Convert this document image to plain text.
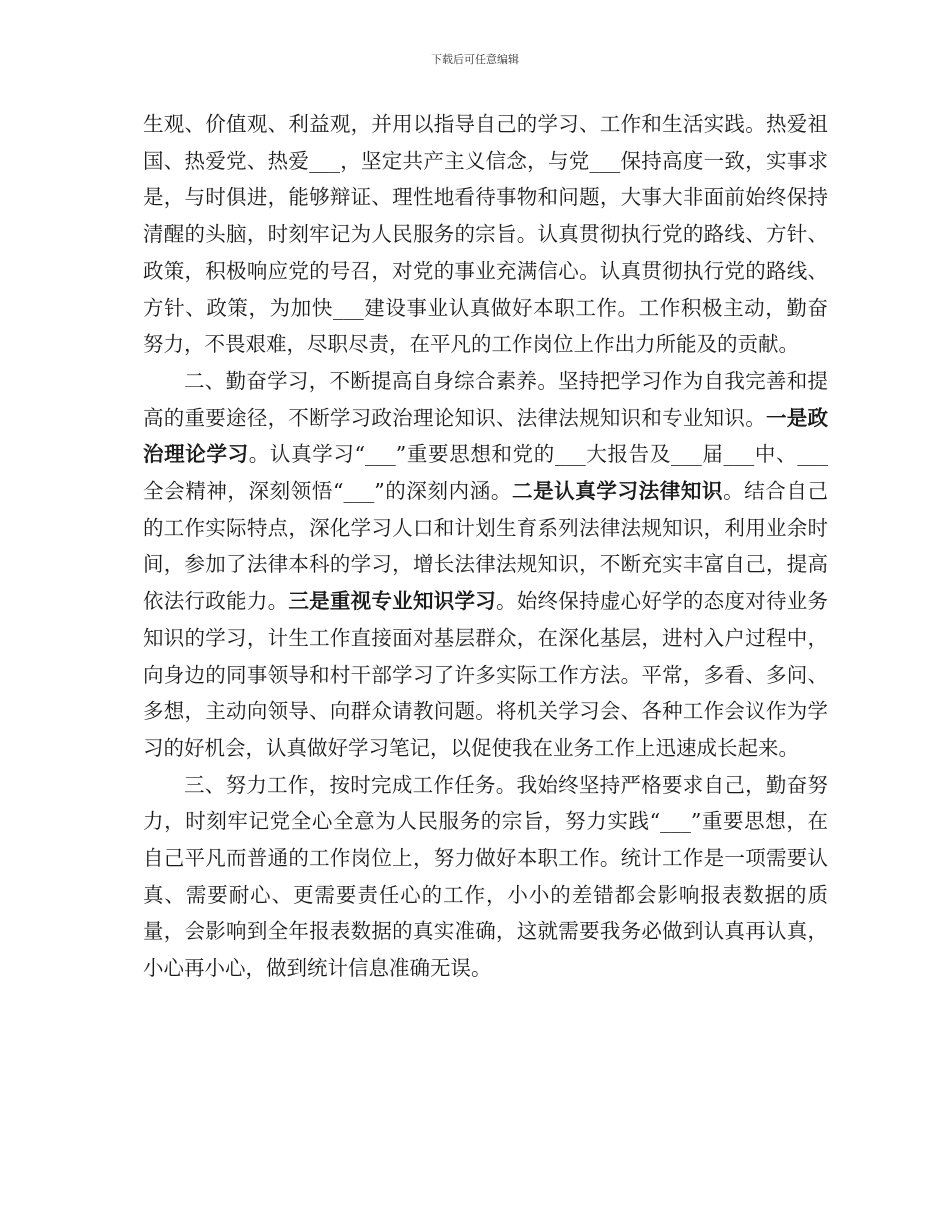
下载后可任意编辑

生观、价值观、利益观，并用以指导自己的学习、工作和生活实践。热爱祖国、热爱党、热爱___，坚定共产主义信念，与党___保持高度一致，实事求是，与时俱进，能够辩证、理性地看待事物和问题，大事大非面前始终保持清醒的头脑，时刻牢记为人民服务的宗旨。认真贯彻执行党的路线、方针、政策，积极响应党的号召，对党的事业充满信心。认真贯彻执行党的路线、方针、政策，为加快___建设事业认真做好本职工作。工作积极主动，勤奋努力，不畏艰难，尽职尽责，在平凡的工作岗位上作出力所能及的贡献。

二、勤奋学习，不断提高自身综合素养。坚持把学习作为自我完善和提高的重要途径，不断学习政治理论知识、法律法规知识和专业知识。一是政治理论学习。认真学习“___”重要思想和党的___大报告及___届___中、___全会精神，深刻领悟“___”的深刻内涵。二是认真学习法律知识。结合自己的工作实际特点，深化学习人口和计划生育系列法律法规知识，利用业余时间，参加了法律本科的学习，增长法律法规知识，不断充实丰富自己，提高依法行政能力。三是重视专业知识学习。始终保持虚心好学的态度对待业务知识的学习，计生工作直接面对基层群众，在深化基层，进村入户过程中，向身边的同事领导和村干部学习了许多实际工作方法。平常，多看、多问、多想，主动向领导、向群众请教问题。将机关学习会、各种工作会议作为学习的好机会，认真做好学习笔记，以促使我在业务工作上迅速成长起来。

三、努力工作，按时完成工作任务。我始终坚持严格要求自己，勤奋努力，时刻牢记党全心全意为人民服务的宗旨，努力实践“___”重要思想，在自己平凡而普通的工作岗位上，努力做好本职工作。统计工作是一项需要认真、需要耐心、更需要责任心的工作，小小的差错都会影响报表数据的质量，会影响到全年报表数据的真实准确，这就需要我务必做到认真再认真，小心再小心，做到统计信息准确无误。
